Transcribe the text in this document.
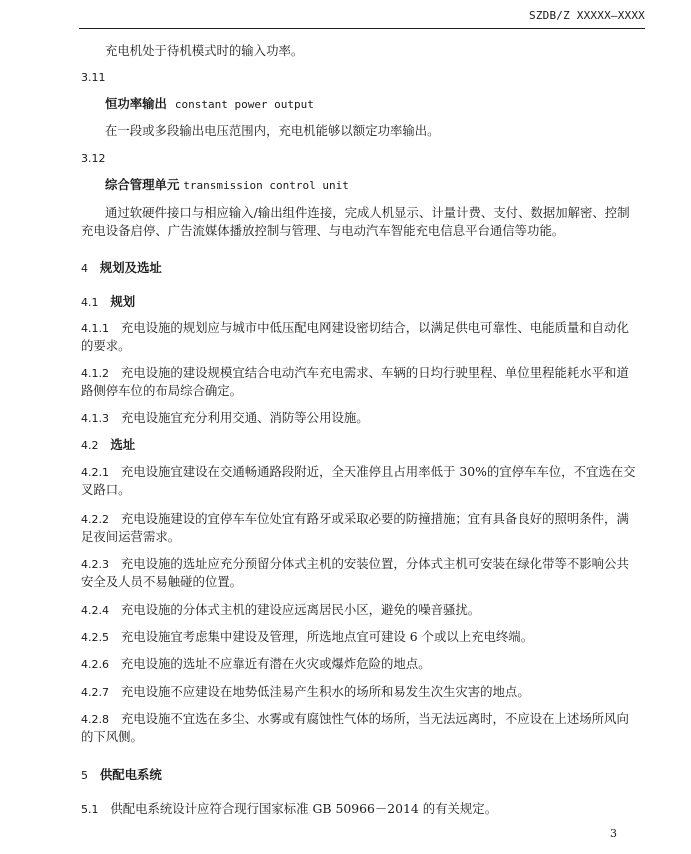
SZDB/Z XXXXX—XXXX
充电机处于待机模式时的输入功率。
3.11
恒功率输出 constant power output
在一段或多段输出电压范围内，充电机能够以额定功率输出。
3.12
综合管理单元 transmission control unit
通过软硬件接口与相应输入/输出组件连接，完成人机显示、计量计费、支付、数据加解密、控制
充电设备启停、广告流媒体播放控制与管理、与电动汽车智能充电信息平台通信等功能。
4 规划及选址
4.1 规划
4.1.1 充电设施的规划应与城市中低压配电网建设密切结合，以满足供电可靠性、电能质量和自动化
的要求。
4.1.2 充电设施的建设规模宜结合电动汽车充电需求、车辆的日均行驶里程、单位里程能耗水平和道
路侧停车位的布局综合确定。
4.1.3 充电设施宜充分利用交通、消防等公用设施。
4.2 选址
4.2.1 充电设施宜建设在交通畅通路段附近，全天准停且占用率低于 30%的宜停车车位，不宜选在交
叉路口。
4.2.2 充电设施建设的宜停车车位处宜有路牙或采取必要的防撞措施；宜有具备良好的照明条件，满
足夜间运营需求。
4.2.3 充电设施的选址应充分预留分体式主机的安装位置，分体式主机可安装在绿化带等不影响公共
安全及人员不易触碰的位置。
4.2.4 充电设施的分体式主机的建设应远离居民小区，避免的噪音骚扰。
4.2.5 充电设施宜考虑集中建设及管理，所选地点宜可建设 6 个或以上充电终端。
4.2.6 充电设施的选址不应靠近有潜在火灾或爆炸危险的地点。
4.2.7 充电设施不应建设在地势低洼易产生积水的场所和易发生次生灾害的地点。
4.2.8 充电设施不宜选在多尘、水雾或有腐蚀性气体的场所，当无法远离时，不应设在上述场所风向
的下风侧。
5 供配电系统
5.1 供配电系统设计应符合现行国家标准 GB 50966－2014 的有关规定。
3
